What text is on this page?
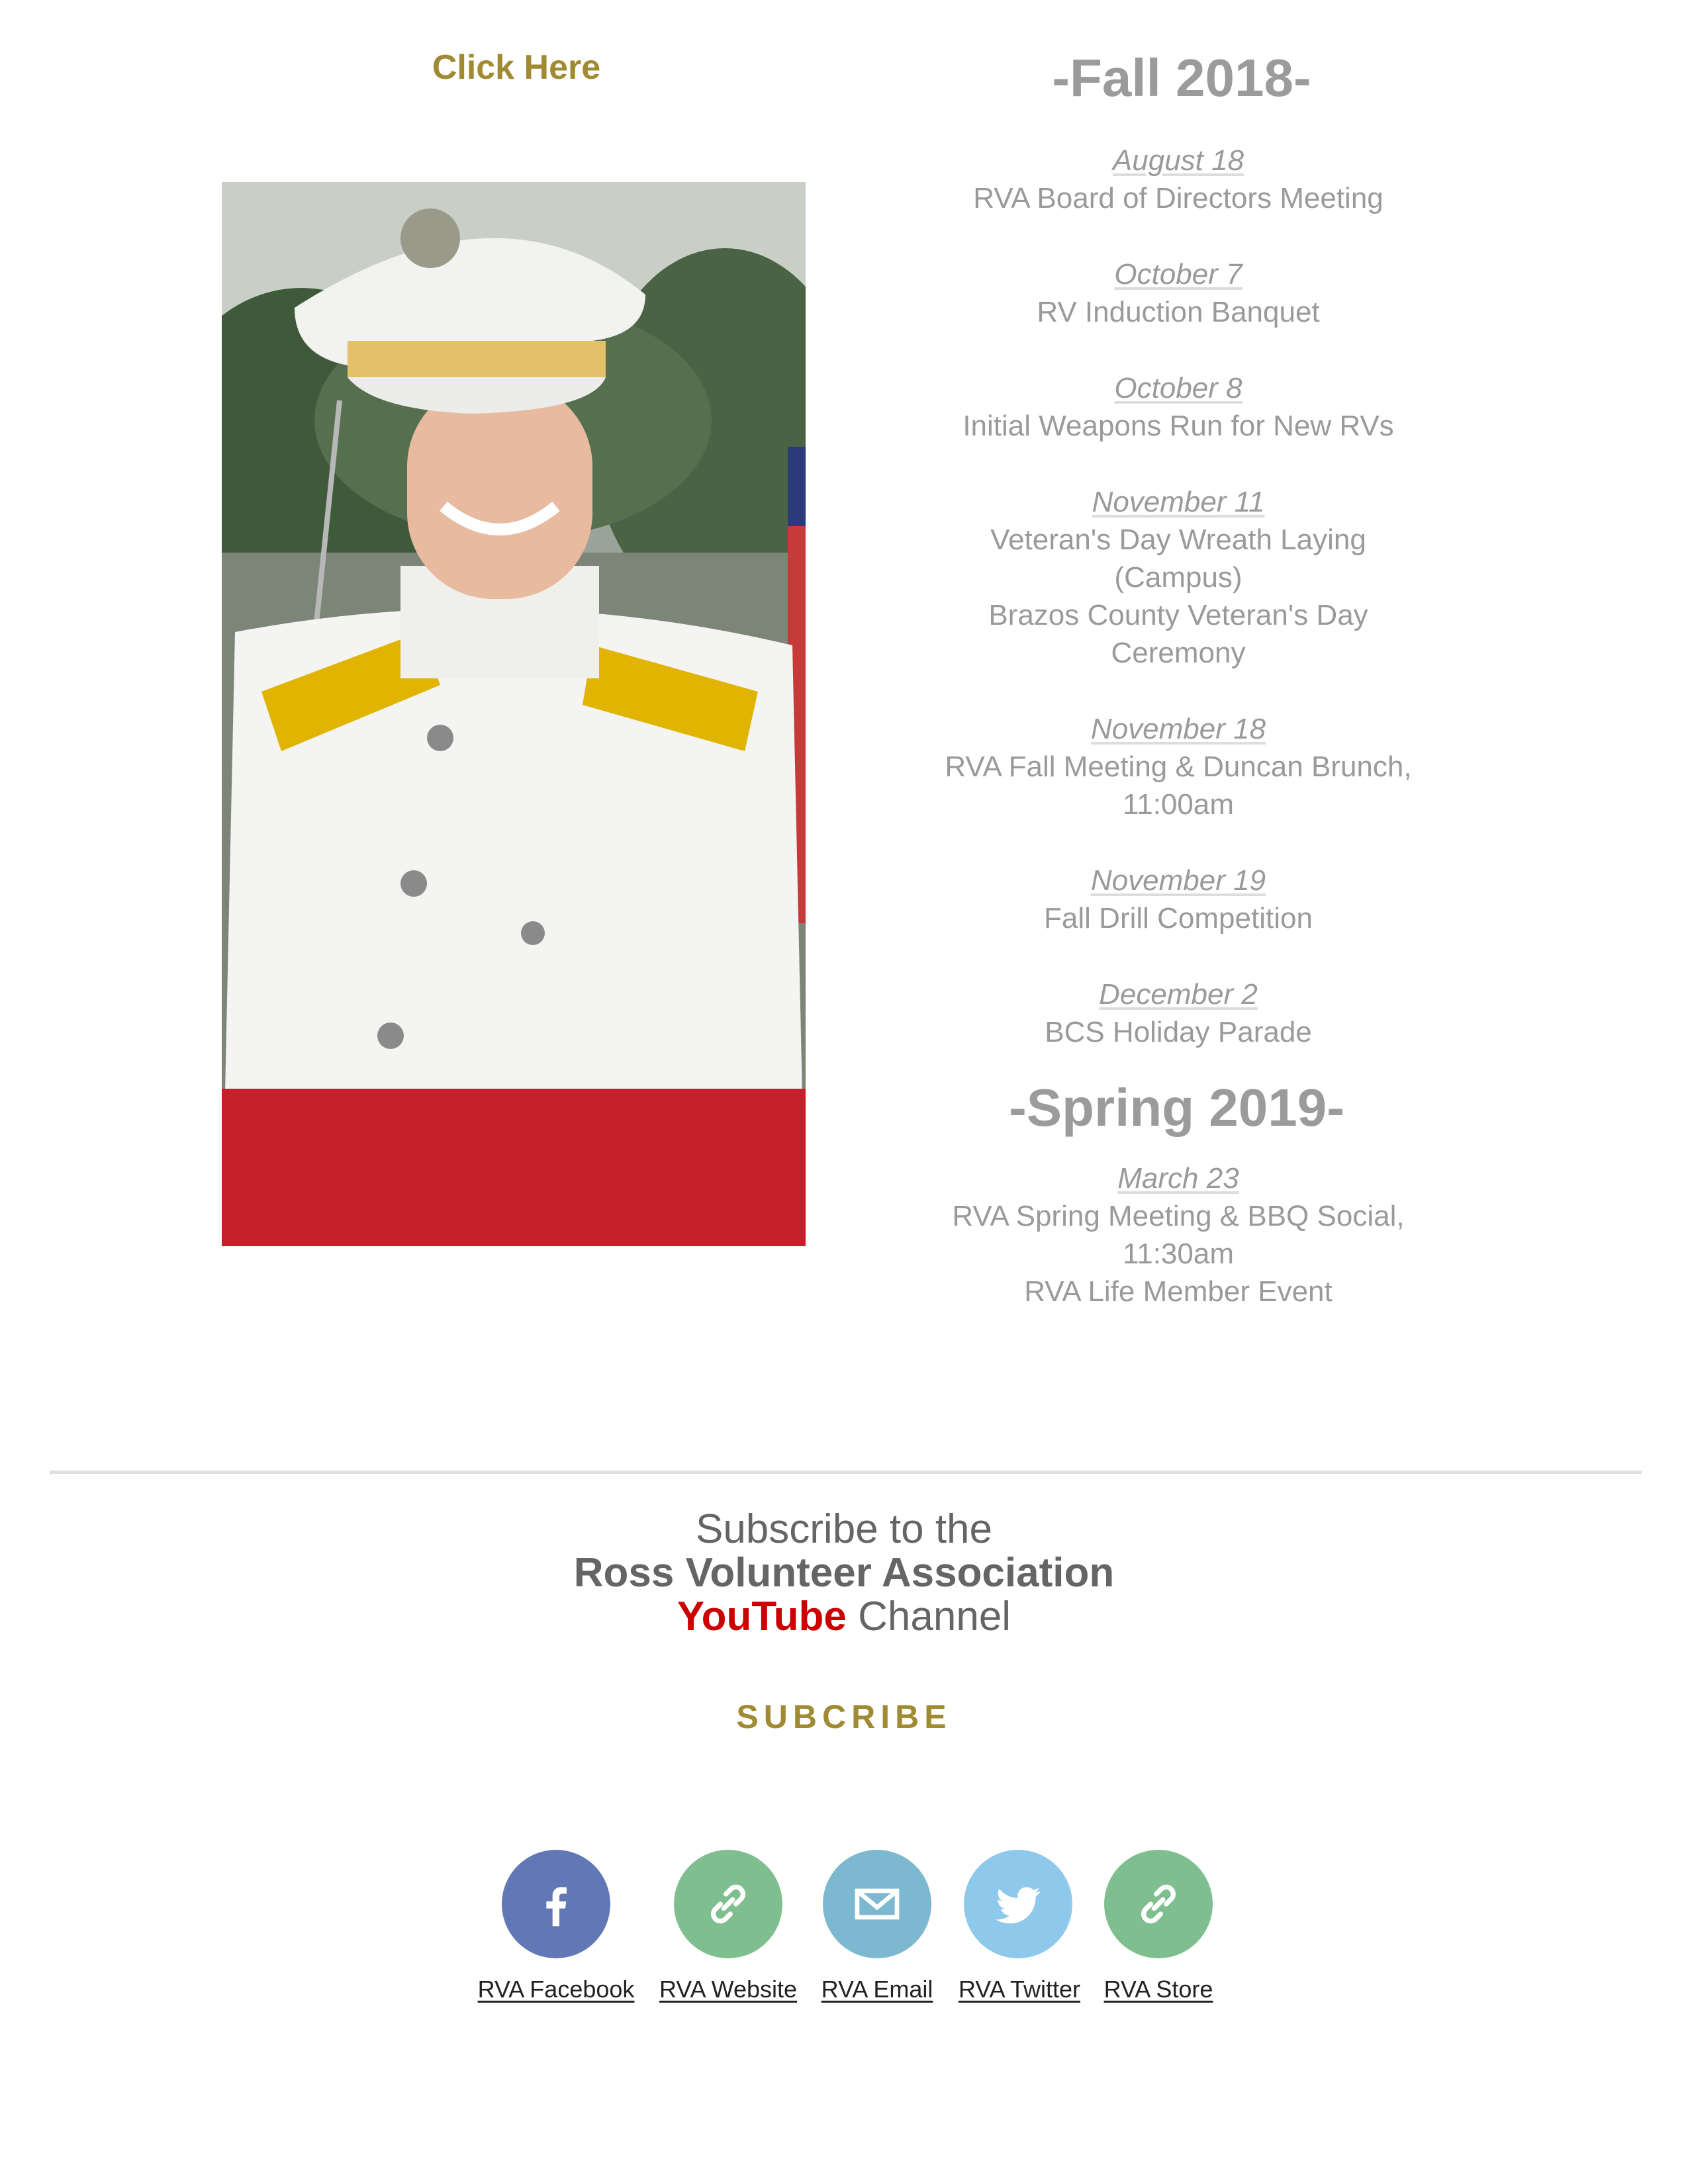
Click Here	-Fall 2018-
August 18
RVA Board of Directors Meeting
October 7
RV Induction Banquet
October 8
Initial Weapons Run for New RVs
November 11
Veteran's Day Wreath Laying
(Campus)
Brazos County Veteran's Day
Ceremony
November 18
RVA Fall Meeting & Duncan Brunch,
11:00am
November 19
Fall Drill Competition
December 2
BCS Holiday Parade
-Spring 2019-
March 23
RVA Spring Meeting & BBQ Social,
11:30am
RVA Life Member Event
Subscribe to the
Ross Volunteer Association
YouTube Channel
SUBCRIBE
RVA Facebook	RVA Website	RVA Email	RVA Twitter RVA Store
